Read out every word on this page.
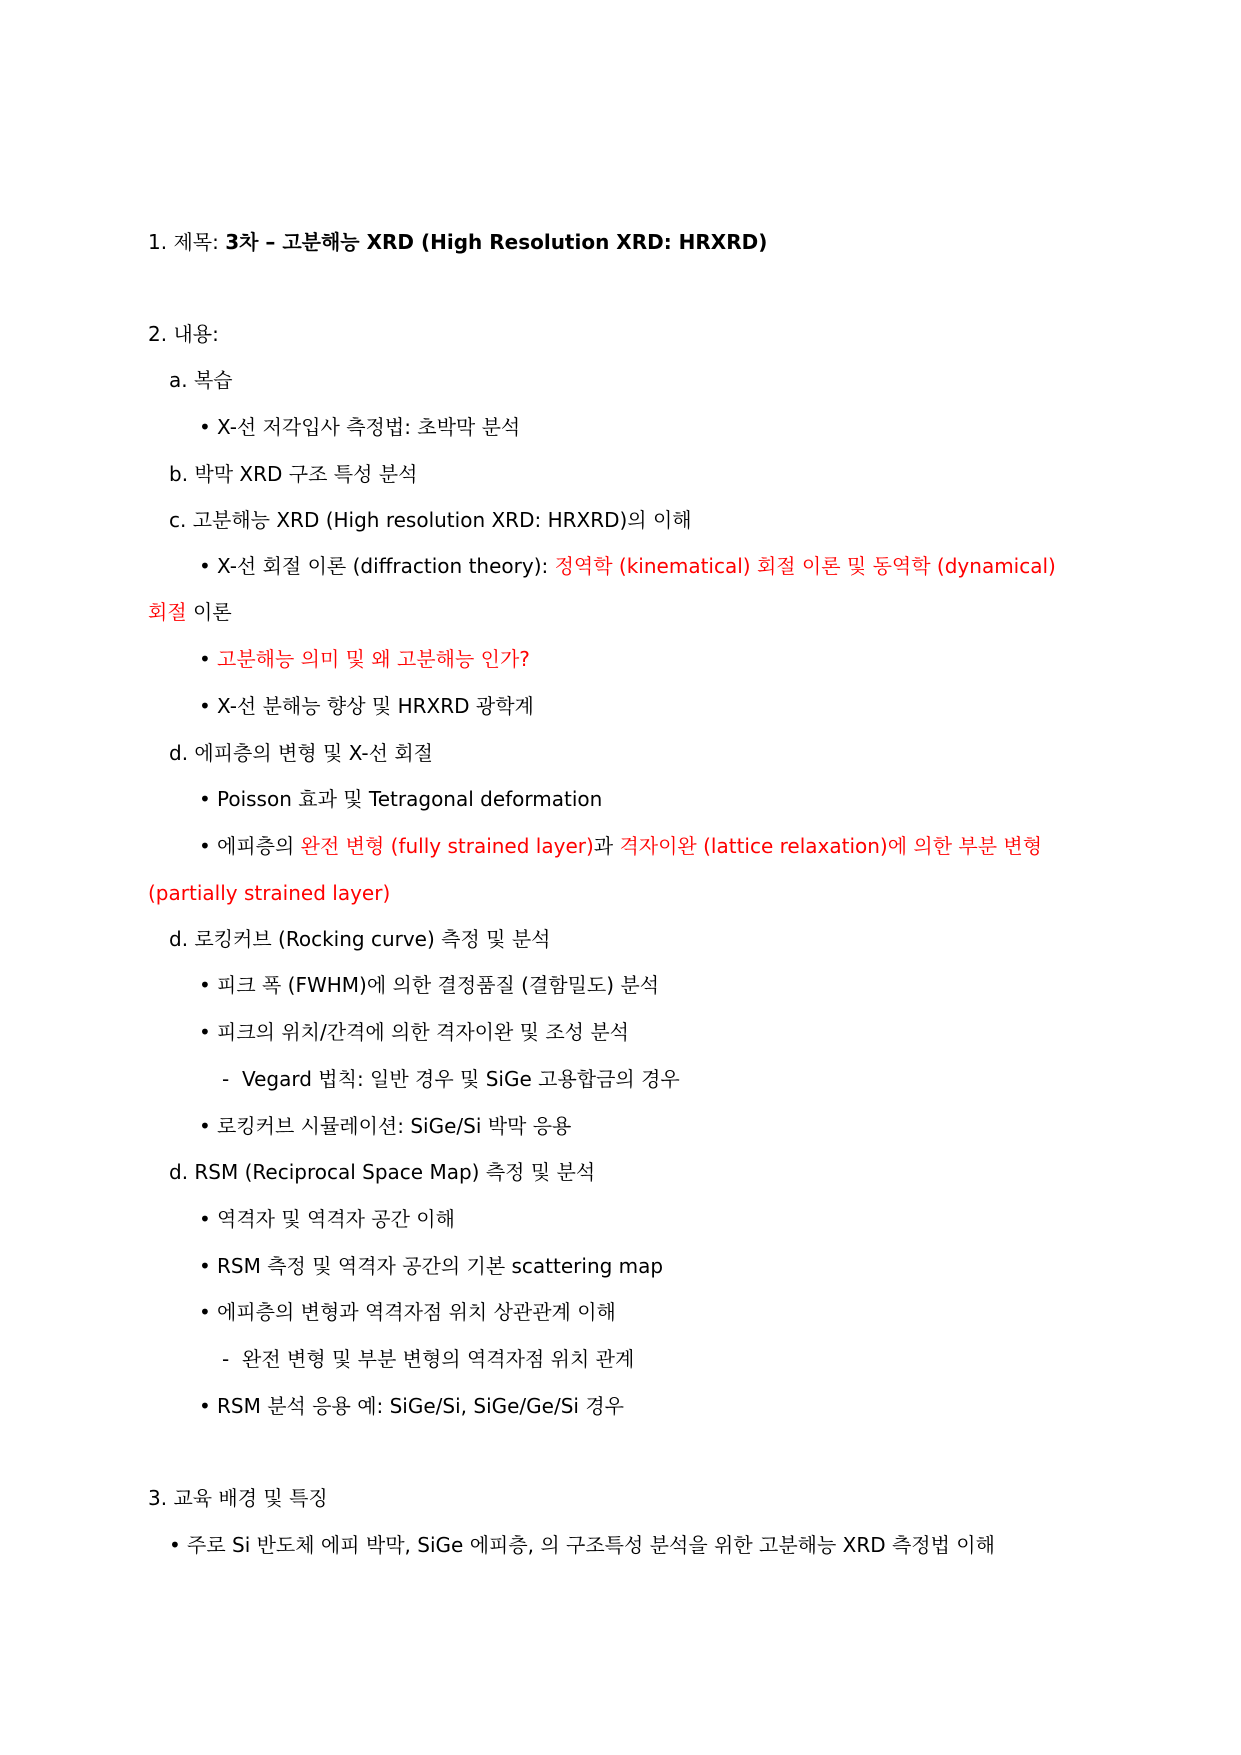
1. 제목: 3차 – 고분해능 XRD (High Resolution XRD: HRXRD)
2. 내용:
a. 복습
• X-선 저각입사 측정법: 초박막 분석
b. 박막 XRD 구조 특성 분석
c. 고분해능 XRD (High resolution XRD: HRXRD)의 이해
• X-선 회절 이론 (diffraction theory): 정역학 (kinematical) 회절 이론 및 동역학 (dynamical)
회절 이론
• 고분해능 의미 및 왜 고분해능 인가?
• X-선 분해능 향상 및 HRXRD 광학계
d. 에피층의 변형 및 X-선 회절
• Poisson 효과 및 Tetragonal deformation
• 에피층의 완전 변형 (fully strained layer)과 격자이완 (lattice relaxation)에 의한 부분 변형
(partially strained layer)
d. 로킹커브 (Rocking curve) 측정 및 분석
• 피크 폭 (FWHM)에 의한 결정품질 (결함밀도) 분석
• 피크의 위치/간격에 의한 격자이완 및 조성 분석
- Vegard 법칙: 일반 경우 및 SiGe 고용합금의 경우
• 로킹커브 시뮬레이션: SiGe/Si 박막 응용
d. RSM (Reciprocal Space Map) 측정 및 분석
• 역격자 및 역격자 공간 이해
• RSM 측정 및 역격자 공간의 기본 scattering map
• 에피층의 변형과 역격자점 위치 상관관계 이해
- 완전 변형 및 부분 변형의 역격자점 위치 관계
• RSM 분석 응용 예: SiGe/Si, SiGe/Ge/Si 경우
3. 교육 배경 및 특징
• 주로 Si 반도체 에피 박막, SiGe 에피층, 의 구조특성 분석을 위한 고분해능 XRD 측정법 이해
